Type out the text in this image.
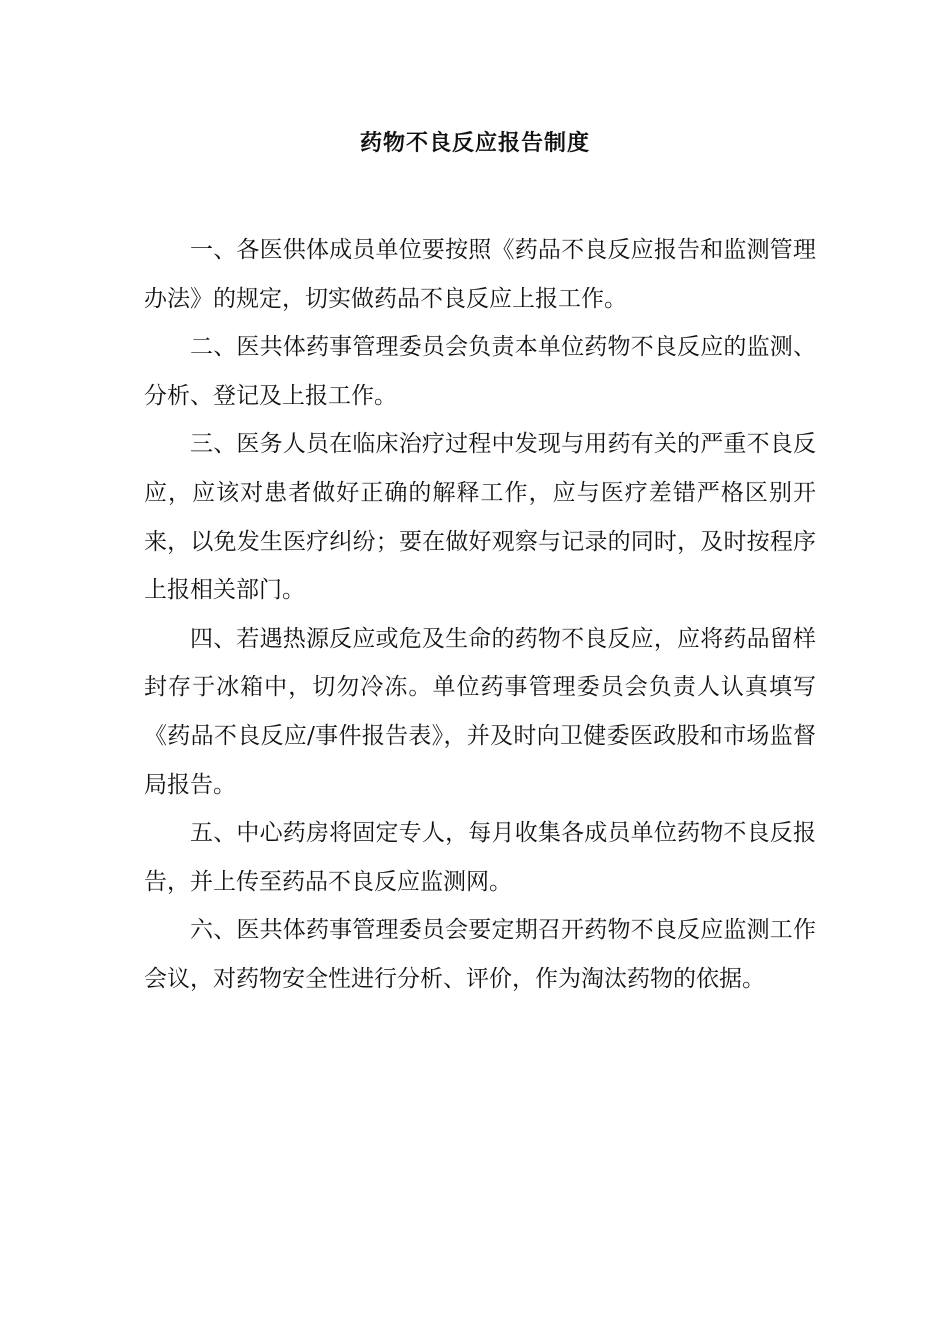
药物不良反应报告制度

一、各医供体成员单位要按照《药品不良反应报告和监测管理办法》的规定，切实做药品不良反应上报工作。

二、医共体药事管理委员会负责本单位药物不良反应的监测、分析、登记及上报工作。

三、医务人员在临床治疗过程中发现与用药有关的严重不良反应，应该对患者做好正确的解释工作，应与医疗差错严格区别开来，以免发生医疗纠纷；要在做好观察与记录的同时，及时按程序上报相关部门。

四、若遇热源反应或危及生命的药物不良反应，应将药品留样封存于冰箱中，切勿冷冻。单位药事管理委员会负责人认真填写《药品不良反应/事件报告表》，并及时向卫健委医政股和市场监督局报告。

五、中心药房将固定专人，每月收集各成员单位药物不良反报告，并上传至药品不良反应监测网。

六、医共体药事管理委员会要定期召开药物不良反应监测工作会议，对药物安全性进行分析、评价，作为淘汰药物的依据。
